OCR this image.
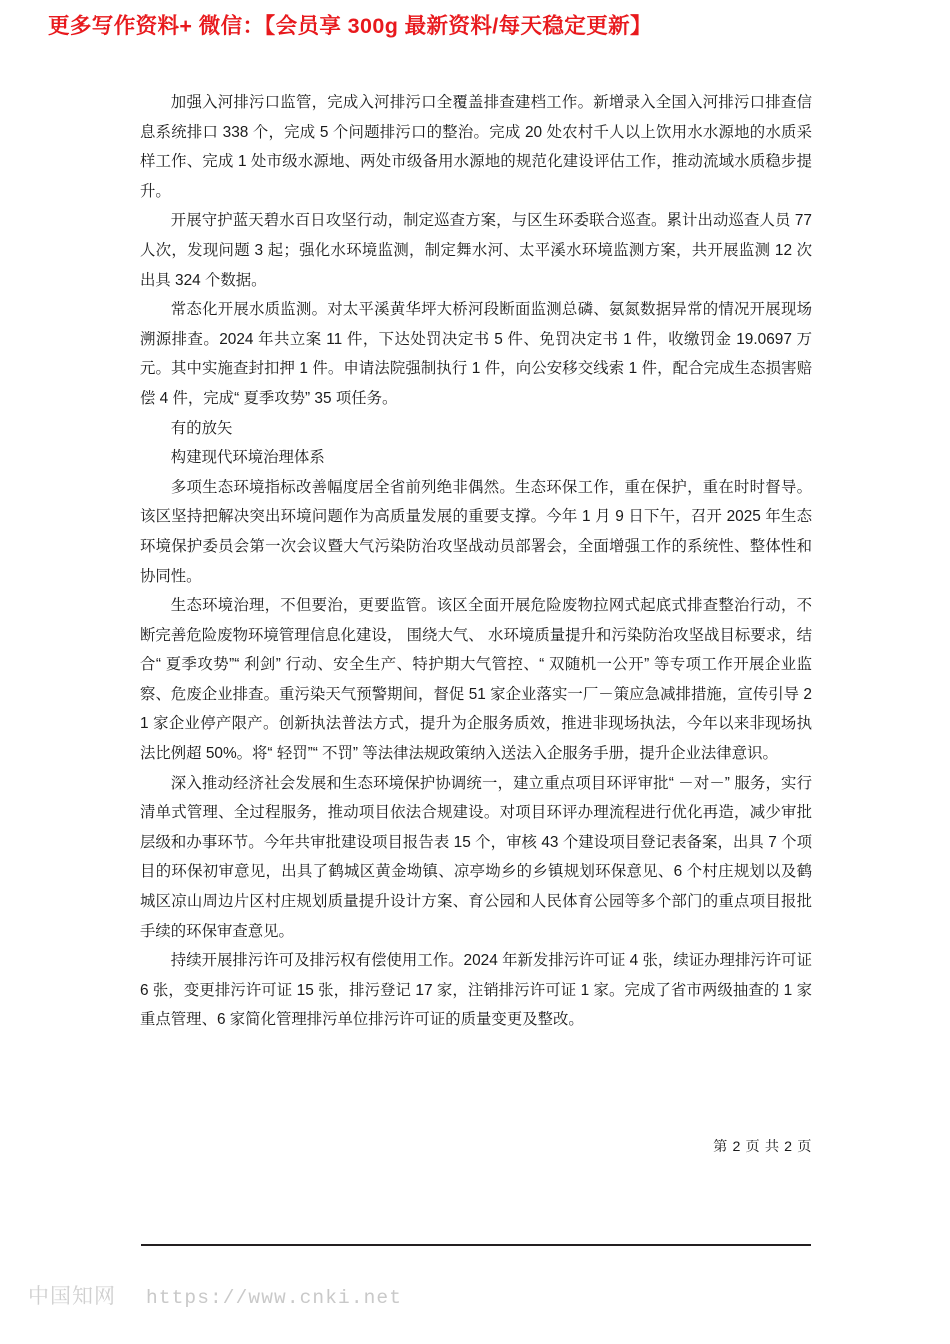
更多写作资料+ 微信：【会员享 300g 最新资料/每天稳定更新】

加强入河排污口监管，完成入河排污口全覆盖排查建档工作。新增录入全国入河排污口排查信息系统排口 338 个，完成 5 个问题排污口的整治。完成 20 处农村千人以上饮用水水源地的水质采样工作、完成 1 处市级水源地、两处市级备用水源地的规范化建设评估工作，推动流域水质稳步提升。

开展守护蓝天碧水百日攻坚行动，制定巡查方案，与区生环委联合巡查。累计出动巡查人员 77 人次，发现问题 3 起；强化水环境监测，制定舞水河、太平溪水环境监测方案，共开展监测 12 次出具 324 个数据。

常态化开展水质监测。对太平溪黄华坪大桥河段断面监测总磷、氨氮数据异常的情况开展现场溯源排查。2024 年共立案 11 件，下达处罚决定书 5 件、免罚决定书 1 件，收缴罚金 19.0697 万元。其中实施查封扣押 1 件。申请法院强制执行 1 件，向公安移交线索 1 件，配合完成生态损害赔偿 4 件，完成“ 夏季攻势” 35 项任务。

有的放矢

构建现代环境治理体系

多项生态环境指标改善幅度居全省前列绝非偶然。生态环保工作，重在保护，重在时时督导。该区坚持把解决突出环境问题作为高质量发展的重要支撑。今年 1 月 9 日下午，召开 2025 年生态环境保护委员会第一次会议暨大气污染防治攻坚战动员部署会，全面增强工作的系统性、整体性和协同性。

生态环境治理，不但要治，更要监管。该区全面开展危险废物拉网式起底式排查整治行动，不断完善危险废物环境管理信息化建设， 围绕大气、 水环境质量提升和污染防治攻坚战目标要求，结合“ 夏季攻势”“ 利剑” 行动、安全生产、特护期大气管控、“ 双随机一公开” 等专项工作开展企业监察、危废企业排查。重污染天气预警期间，督促 51 家企业落实一厂－策应急减排措施，宣传引导 21 家企业停产限产。创新执法普法方式，提升为企服务质效，推进非现场执法，今年以来非现场执法比例超 50%。将“ 轻罚”“ 不罚” 等法律法规政策纳入送法入企服务手册，提升企业法律意识。

深入推动经济社会发展和生态环境保护协调统一，建立重点项目环评审批“ －对－” 服务，实行清单式管理、全过程服务，推动项目依法合规建设。对项目环评办理流程进行优化再造，减少审批层级和办事环节。今年共审批建设项目报告表 15 个，审核 43 个建设项目登记表备案，出具 7 个项目的环保初审意见，出具了鹤城区黄金坳镇、凉亭坳乡的乡镇规划环保意见、6 个村庄规划以及鹤城区凉山周边片区村庄规划质量提升设计方案、育公园和人民体育公园等多个部门的重点项目报批手续的环保审查意见。

持续开展排污许可及排污权有偿使用工作。2024 年新发排污许可证 4 张，续证办理排污许可证 6 张，变更排污许可证 15 张，排污登记 17 家，注销排污许可证 1 家。完成了省市两级抽查的 1 家重点管理、6 家简化管理排污单位排污许可证的质量变更及整改。

第 2 页 共 2 页
中国知网 https://www.cnki.net
